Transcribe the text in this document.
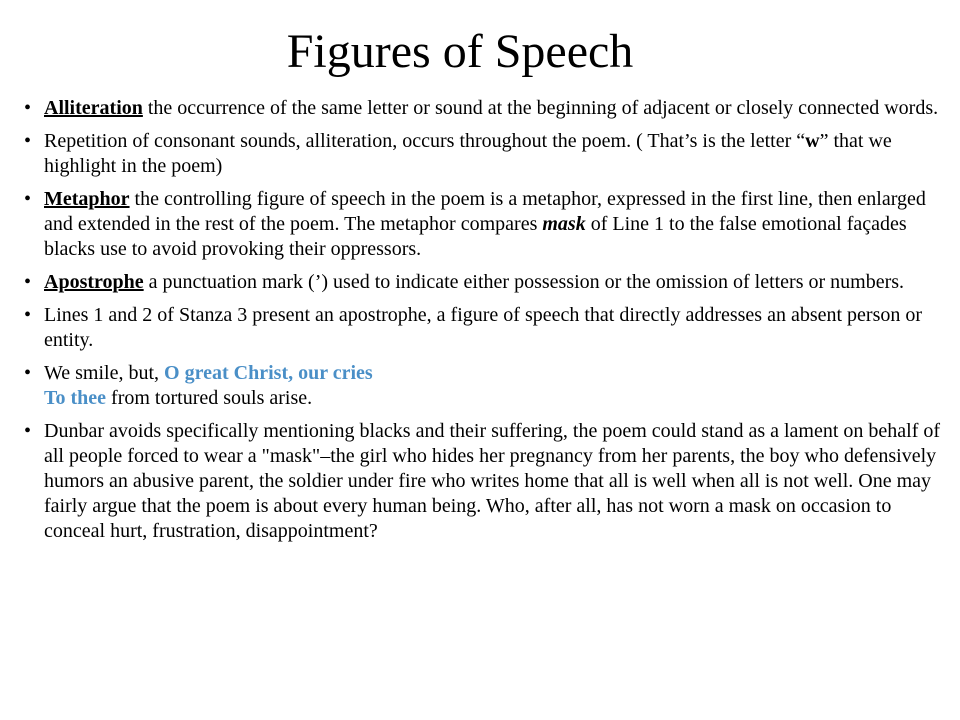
Figures of Speech
• Alliteration the occurrence of the same letter or sound at the beginning of adjacent or closely connected words.
• Repetition of consonant sounds, alliteration, occurs throughout the poem. ( That’s is the letter “w” that we highlight in the poem)
• Metaphor the controlling figure of speech in the poem is a metaphor, expressed in the first line, then enlarged and extended in the rest of the poem. The metaphor compares mask of Line 1 to the false emotional façades blacks use to avoid provoking their oppressors.
• Apostrophe a punctuation mark (’) used to indicate either possession or the omission of letters or numbers.
• Lines 1 and 2 of Stanza 3 present an apostrophe, a figure of speech that directly addresses an absent person or entity.
• We smile, but, O great Christ, our cries
To thee from tortured souls arise.
• Dunbar avoids specifically mentioning blacks and their suffering, the poem could stand as a lament on behalf of all people forced to wear a "mask"–the girl who hides her pregnancy from her parents, the boy who defensively humors an abusive parent, the soldier under fire who writes home that all is well when all is not well. One may fairly argue that the poem is about every human being. Who, after all, has not worn a mask on occasion to conceal hurt, frustration, disappointment?
